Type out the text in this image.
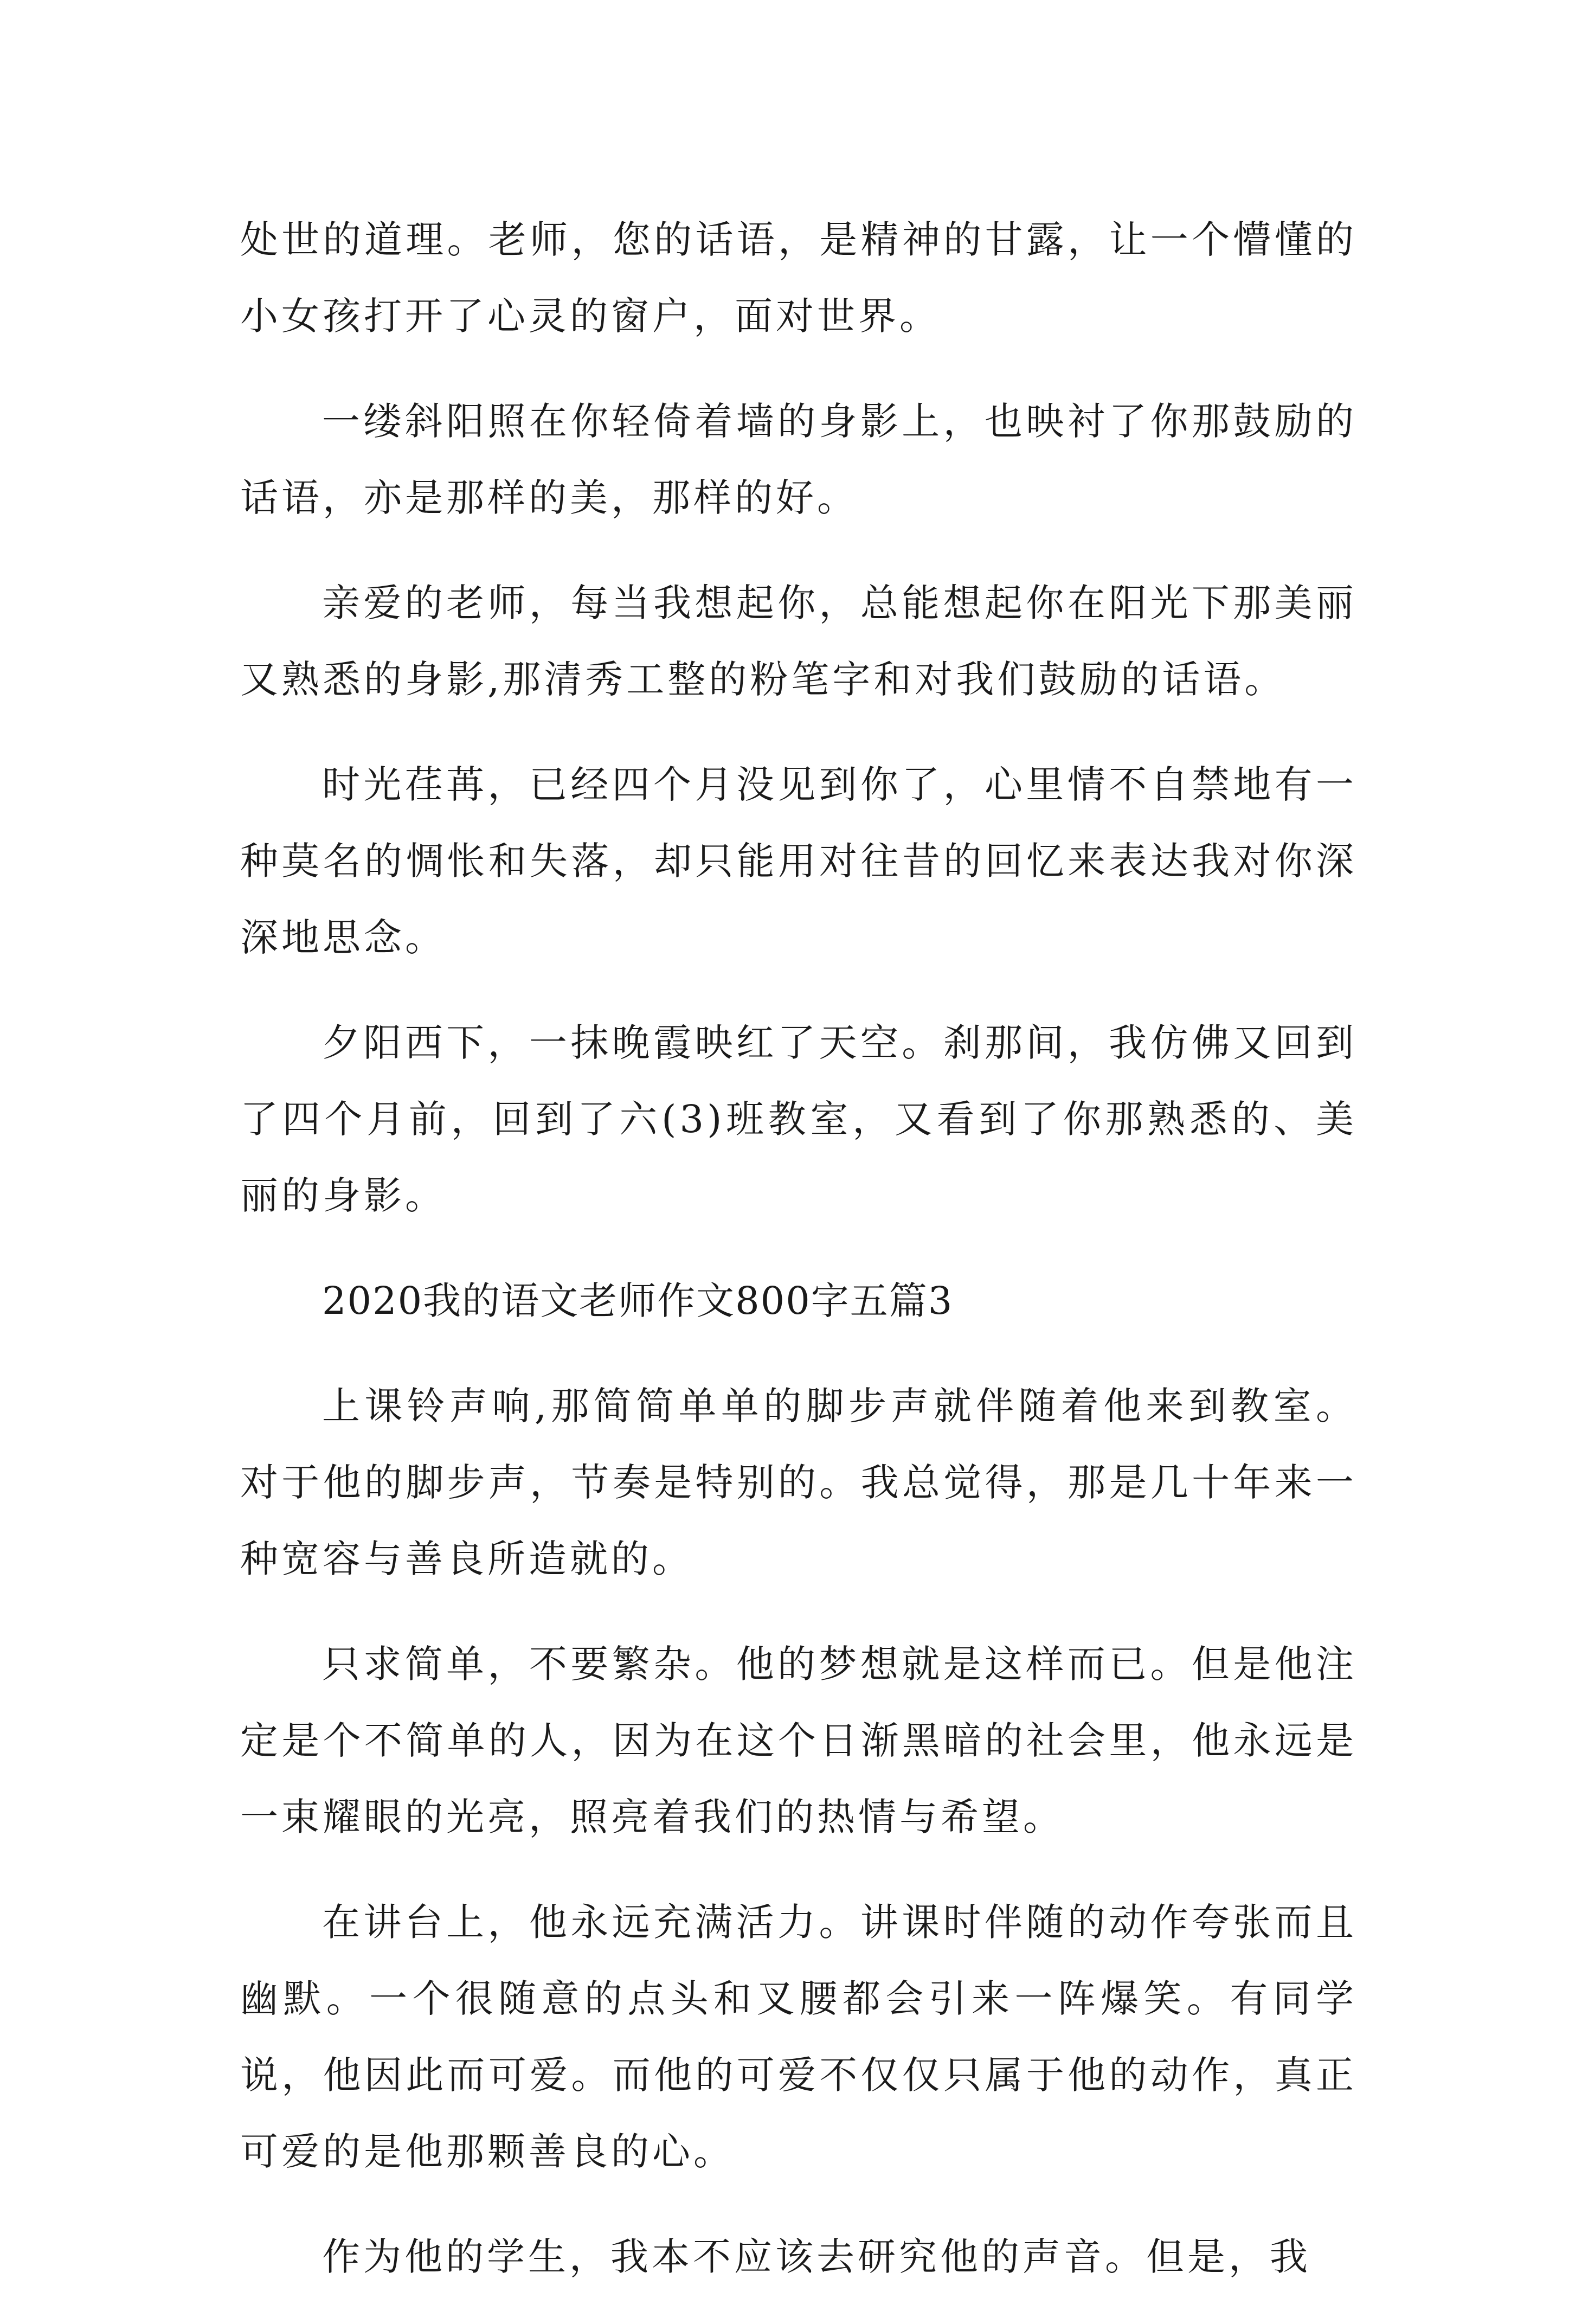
处世的道理。老师，您的话语，是精神的甘露，让一个懵懂的小女孩打开了心灵的窗户，面对世界。

一缕斜阳照在你轻倚着墙的身影上，也映衬了你那鼓励的话语，亦是那样的美，那样的好。

亲爱的老师，每当我想起你，总能想起你在阳光下那美丽又熟悉的身影,那清秀工整的粉笔字和对我们鼓励的话语。

时光荏苒，已经四个月没见到你了，心里情不自禁地有一种莫名的惆怅和失落，却只能用对往昔的回忆来表达我对你深深地思念。

夕阳西下，一抹晚霞映红了天空。刹那间，我仿佛又回到了四个月前，回到了六(3)班教室，又看到了你那熟悉的、美丽的身影。

2020我的语文老师作文800字五篇3

上课铃声响,那简简单单的脚步声就伴随着他来到教室。对于他的脚步声，节奏是特别的。我总觉得，那是几十年来一种宽容与善良所造就的。

只求简单，不要繁杂。他的梦想就是这样而已。但是他注定是个不简单的人，因为在这个日渐黑暗的社会里，他永远是一束耀眼的光亮，照亮着我们的热情与希望。

在讲台上，他永远充满活力。讲课时伴随的动作夸张而且幽默。一个很随意的点头和叉腰都会引来一阵爆笑。有同学说，他因此而可爱。而他的可爱不仅仅只属于他的动作，真正可爱的是他那颗善良的心。

作为他的学生，我本不应该去研究他的声音。但是，我
